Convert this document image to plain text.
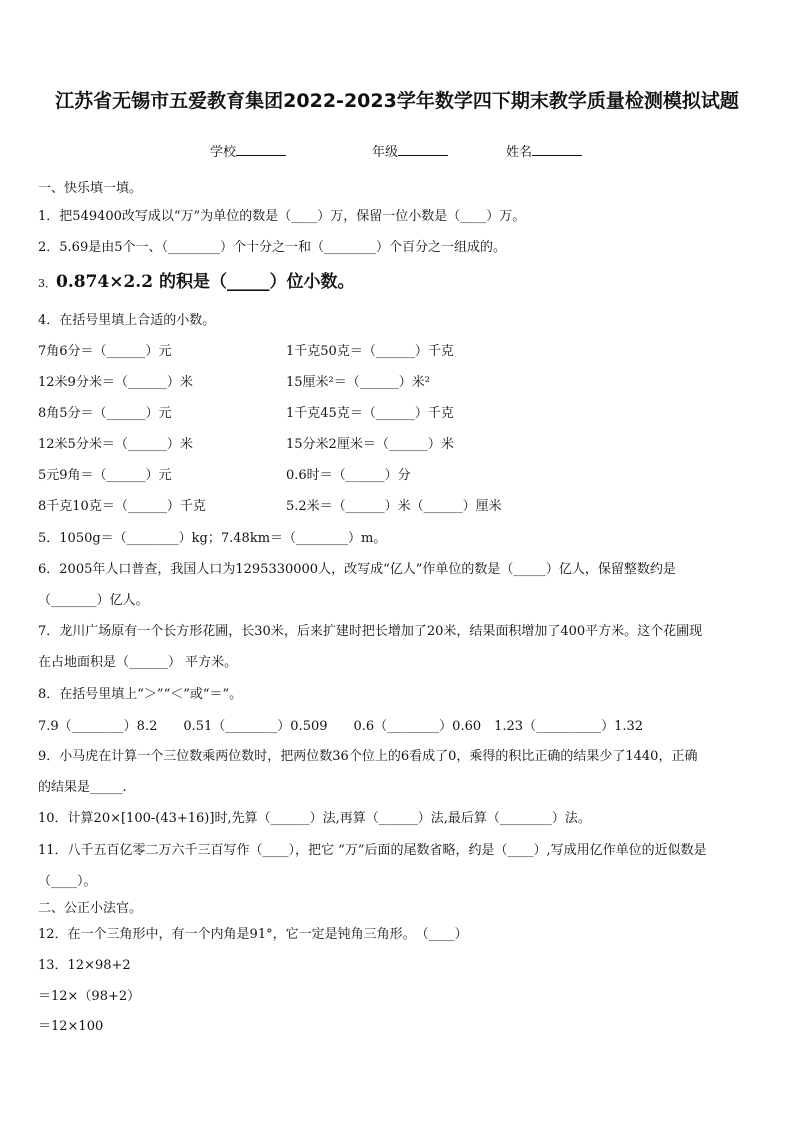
江苏省无锡市五爱教育集团2022-2023学年数学四下期末教学质量检测模拟试题
学校	年级	姓名
一、快乐填一填。
1．把549400改写成以“万”为单位的数是（____）万，保留一位小数是（____）万。
2．5.69是由5个一、（________）个十分之一和（________）个百分之一组成的。
3．0.874×2.2 的积是（_____）位小数。
4．在括号里填上合适的小数。
7角6分＝（______）元
12米9分米＝（______）米
8角5分＝（______）元
12米5分米＝（______）米
5元9角＝（______）元
8千克10克＝（______）千克
1千克50克＝（______）千克
15厘米²＝（______）米²
1千克45克＝（______）千克
15分米2厘米＝（______）米
0.6时＝（______）分
5.2米＝（______）米（______）厘米
5．1050g＝（________）kg；7.48km＝（________）m。
6．2005年人口普查，我国人口为1295330000人，改写成“亿人”作单位的数是（_____）亿人，保留整数约是
（_______）亿人。
7．龙川广场原有一个长方形花圃，长30米，后来扩建时把长增加了20米，结果面积增加了400平方米。这个花圃现
在占地面积是（______） 平方米。
8．在括号里填上“＞”“＜”或“＝”。
7.9（________）8.2　　0.51（________）0.509　　0.6（________）0.60　1.23（__________）1.32
9．小马虎在计算一个三位数乘两位数时，把两位数36个位上的6看成了0，乘得的积比正确的结果少了1440，正确
的结果是_____.
10．计算20×[100-(43+16)]时,先算（______）法,再算（______）法,最后算（________）法。
11．八千五百亿零二万六千三百写作（____），把它 “万”后面的尾数省略，约是（____）,写成用亿作单位的近似数是
（____）。
二、公正小法官。
12．在一个三角形中，有一个内角是91°，它一定是钝角三角形。　（____）
13．12×98+2
＝12×（98+2）
＝12×100
